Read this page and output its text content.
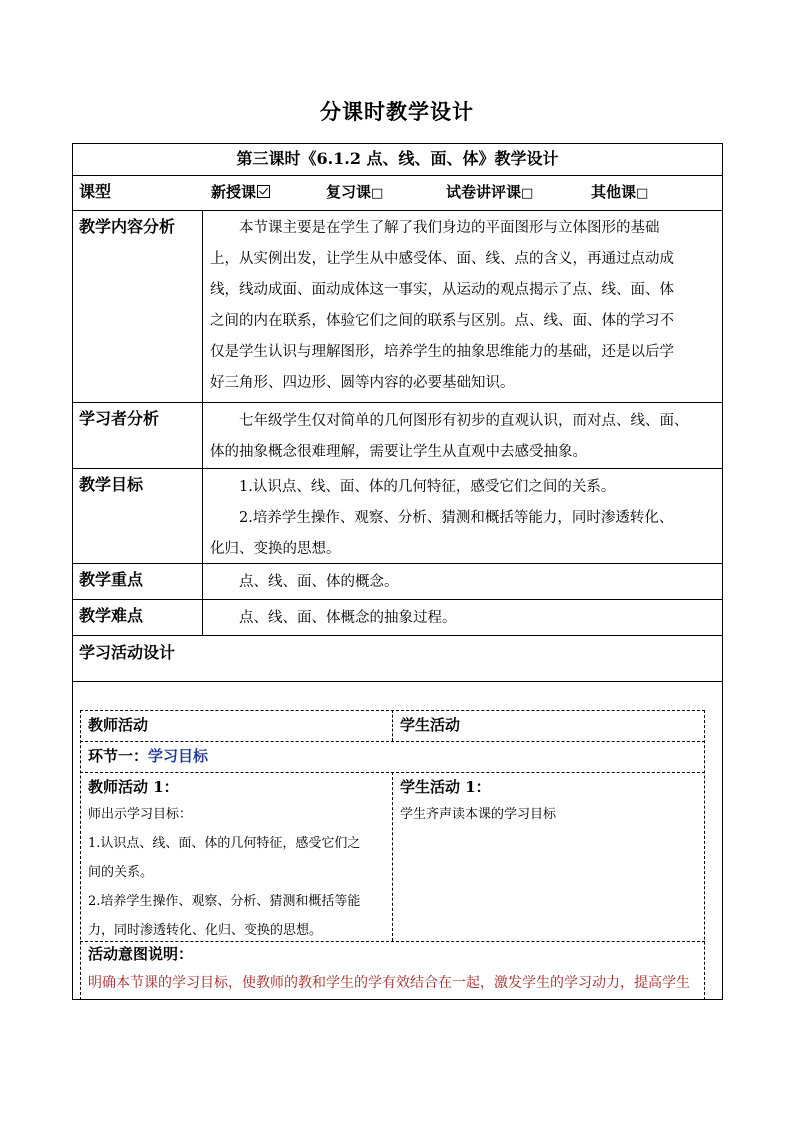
分课时教学设计
第三课时《6.1.2 点、线、面、体》教学设计
课型	新授课	复习课□	试卷讲评课□	其他课□
教学内容分析	本节课主要是在学生了解了我们身边的平面图形与立体图形的基础
上，从实例出发，让学生从中感受体、面、线、点的含义，再通过点动成
线，线动成面、面动成体这一事实，从运动的观点揭示了点、线、面、体
之间的内在联系，体验它们之间的联系与区别。点、线、面、体的学习不
仅是学生认识与理解图形，培养学生的抽象思维能力的基础，还是以后学
好三角形、四边形、圆等内容的必要基础知识。
学习者分析	七年级学生仅对简单的几何图形有初步的直观认识，而对点、线、面、
体的抽象概念很难理解，需要让学生从直观中去感受抽象。
教学目标	1.认识点、线、面、体的几何特征，感受它们之间的关系。
2.培养学生操作、观察、分析、猜测和概括等能力，同时渗透转化、
化归、变换的思想。
教学重点	点、线、面、体的概念。
教学难点	点、线、面、体概念的抽象过程。
学习活动设计
教师活动	学生活动
环节一：学习目标
教师活动 1：
师出示学习目标：
1.认识点、线、面、体的几何特征，感受它们之
间的关系。
2.培养学生操作、观察、分析、猜测和概括等能
力，同时渗透转化、化归、变换的思想。
学生活动 1：
学生齐声读本课的学习目标
活动意图说明：
明确本节课的学习目标，使教师的教和学生的学有效结合在一起，激发学生的学习动力，提高学生
